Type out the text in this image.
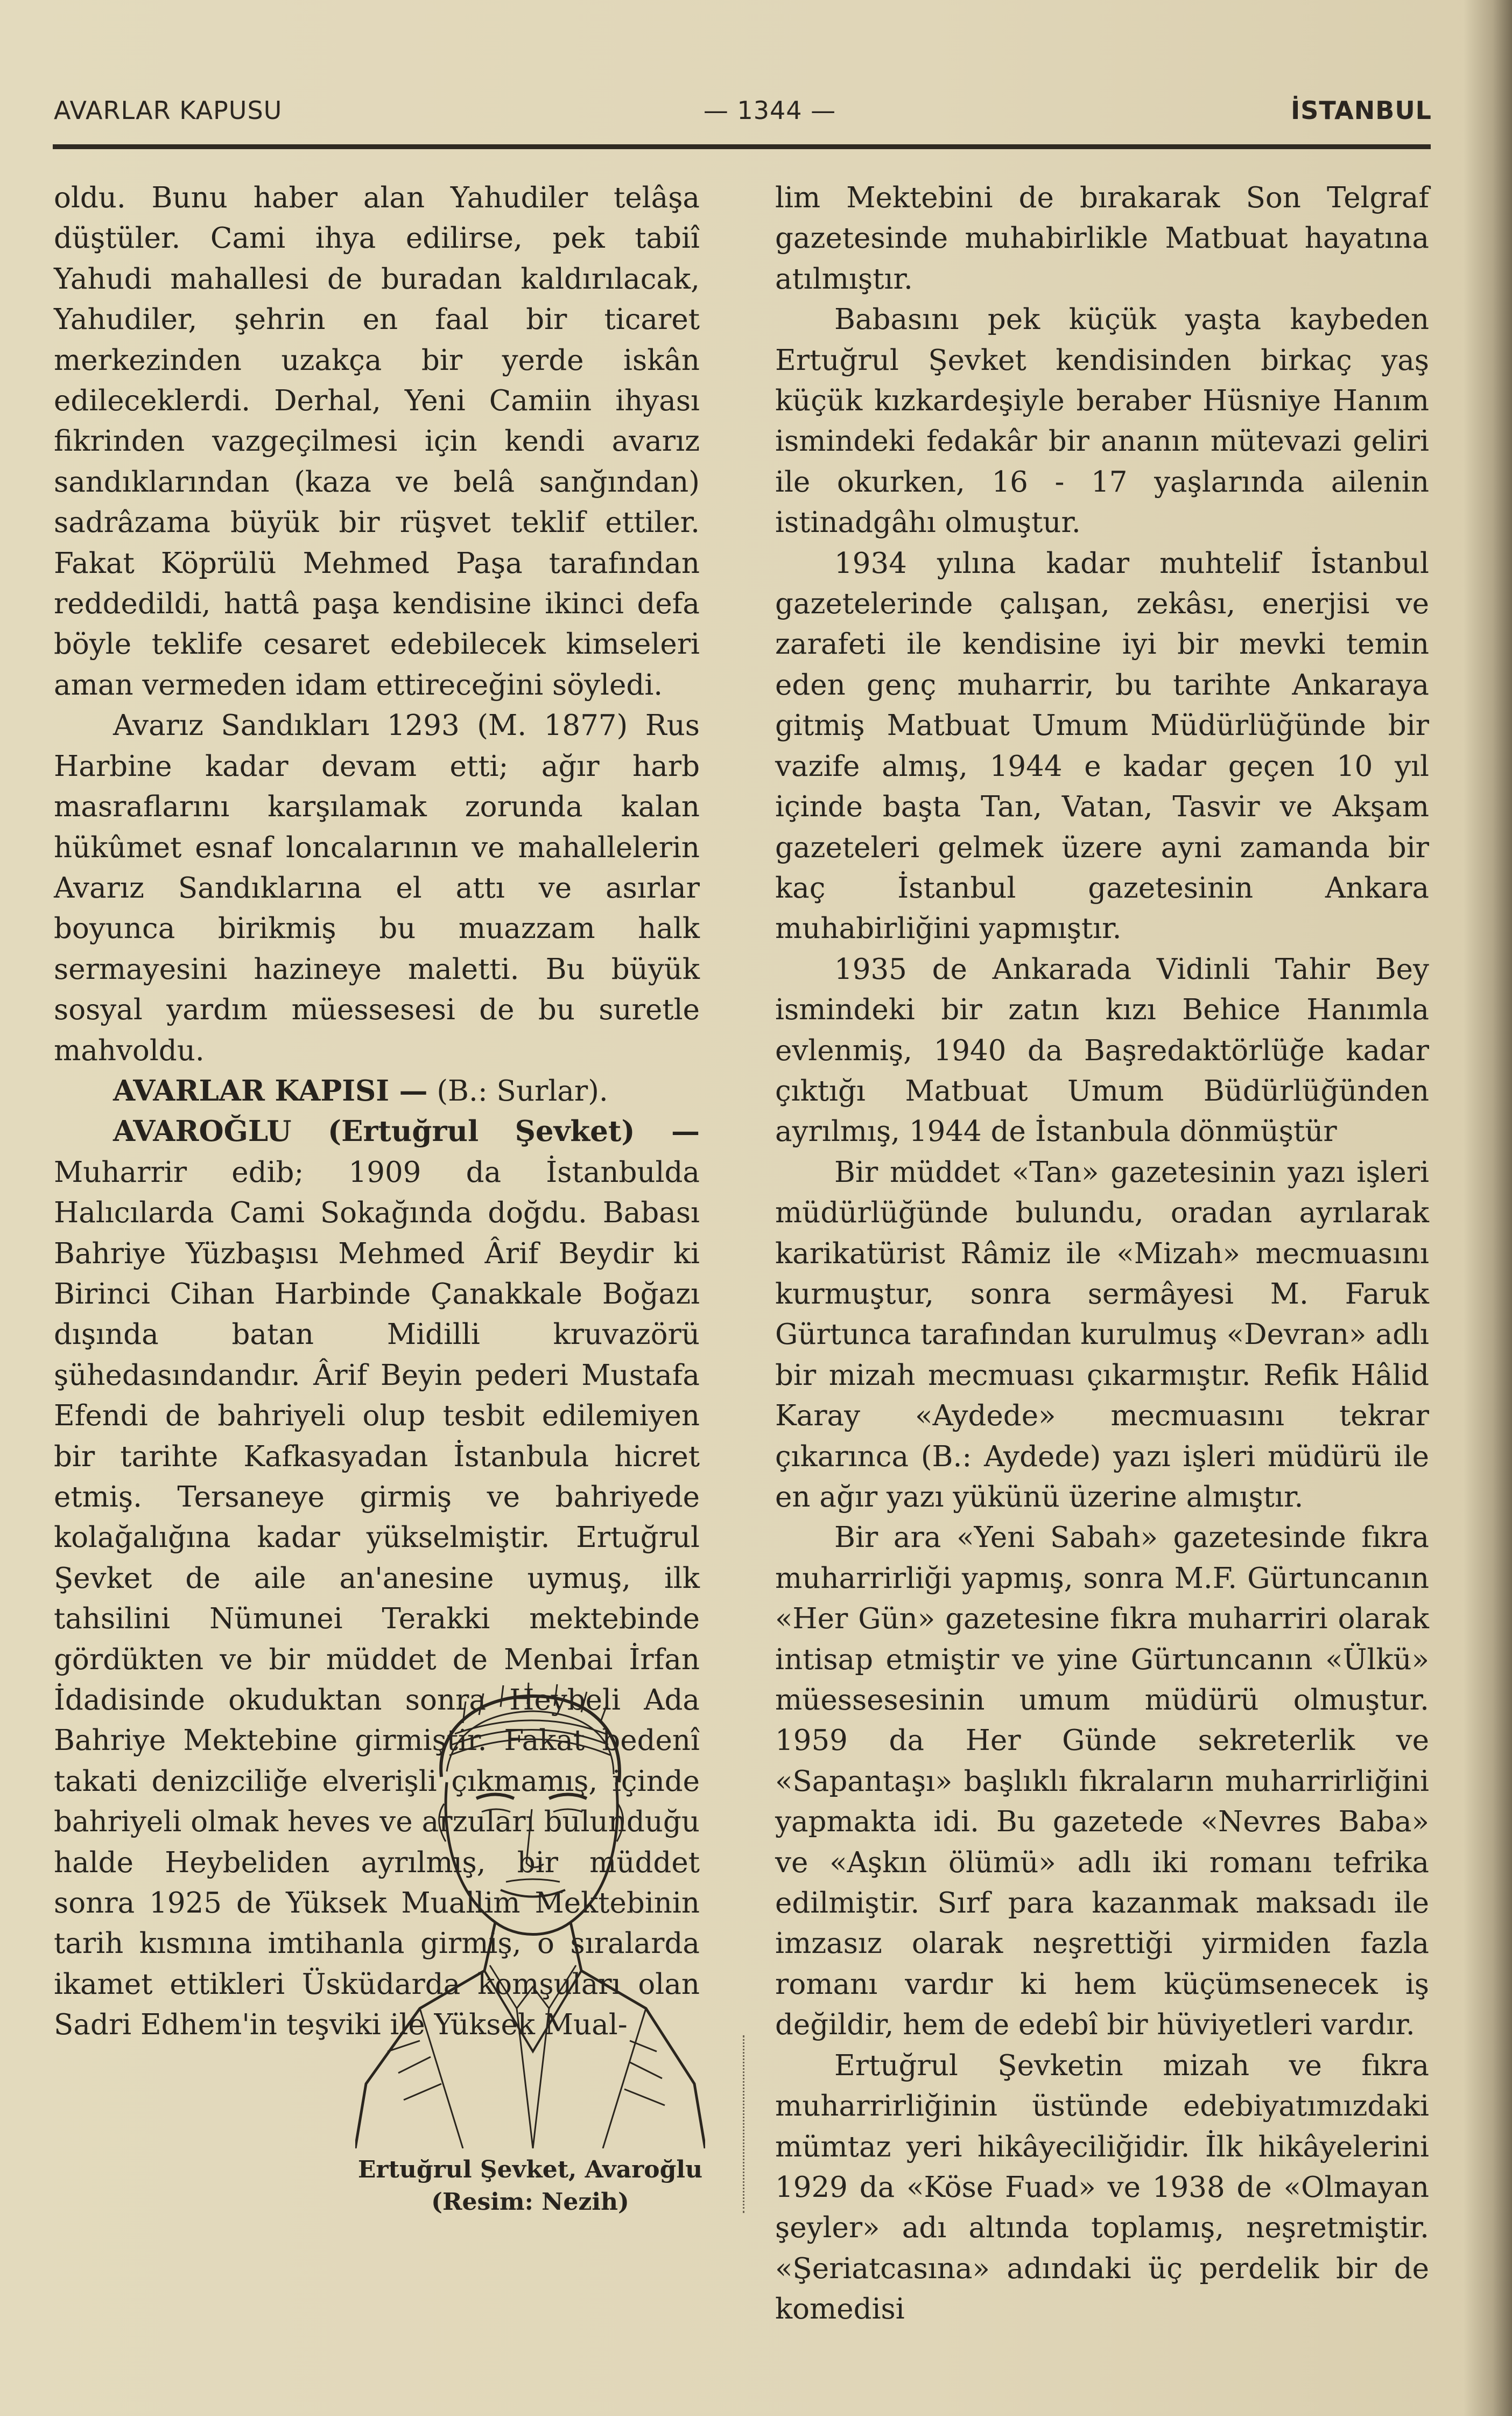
AVARLAR KAPUSU	— 1344 —	İSTANBUL

oldu. Bunu haber alan Yahudiler telâşa düştüler. Cami ihya edilirse, pek tabiî Yahudi mahallesi de buradan kaldırılacak, Yahudiler, şehrin en faal bir ticaret merkezinden uzakça bir yerde iskân edileceklerdi. Derhal, Yeni Camiin ihyası fikrinden vazgeçilmesi için kendi avarız sandıklarından (kaza ve belâ sanğından) sadrâzama büyük bir rüşvet teklif ettiler. Fakat Köprülü Mehmed Paşa tarafından reddedildi, hattâ paşa kendisine ikinci defa böyle teklife cesaret edebilecek kimseleri aman vermeden idam ettireceğini söyledi.

Avarız Sandıkları 1293 (M. 1877) Rus Harbine kadar devam etti; ağır harb masraflarını karşılamak zorunda kalan hükûmet esnaf loncalarının ve mahallelerin Avarız Sandıklarına el attı ve asırlar boyunca birikmiş bu muazzam halk sermayesini hazineye maletti. Bu büyük sosyal yardım müessesesi de bu suretle mahvoldu.

AVARLAR KAPISI — (B.: Surlar).

AVAROĞLU (Ertuğrul Şevket) — Muharrir edib; 1909 da İstanbulda Halıcılarda Cami Sokağında doğdu. Babası Bahriye Yüzbaşısı Mehmed Ârif Beydir ki Birinci Cihan Harbinde Çanakkale Boğazı dışında batan Midilli kruvazörü şühedasındandır. Ârif Beyin pederi Mustafa Efendi de bahriyeli olup tesbit edilemiyen bir tarihte Kafkasyadan İstanbula hicret etmiş. Tersaneye girmiş ve bahriyede kolağalığına kadar yükselmiştir. Ertuğrul Şevket de aile an'anesine uymuş, ilk tahsilini Nümunei Terakki mektebinde gördükten ve bir müddet de Menbai İrfan İdadisinde okuduktan sonra Heybeli Ada Bahriye Mektebine girmiştir. Fakat bedenî takati denizciliğe elverişli çıkmamış, içinde bahriyeli olmak heves ve arzuları bulunduğu halde Heybeliden ayrılmış, bir müddet sonra 1925 de Yüksek Muallim Mektebinin tarih kısmına imtihanla girmiş, o sıralarda ikamet ettikleri Üsküdarda komşuları olan Sadri Edhem'in teşviki ile Yüksek Mual-

Ertuğrul Şevket, Avaroğlu
(Resim: Nezih)

lim Mektebini de bırakarak Son Telgraf gazetesinde muhabirlikle Matbuat hayatına atılmıştır.

Babasını pek küçük yaşta kaybeden Ertuğrul Şevket kendisinden birkaç yaş küçük kızkardeşiyle beraber Hüsniye Hanım ismindeki fedakâr bir ananın mütevazi geliri ile okurken, 16 - 17 yaşlarında ailenin istinadgâhı olmuştur.

1934 yılına kadar muhtelif İstanbul gazetelerinde çalışan, zekâsı, enerjisi ve zarafeti ile kendisine iyi bir mevki temin eden genç muharrir, bu tarihte Ankaraya gitmiş Matbuat Umum Müdürlüğünde bir vazife almış, 1944 e kadar geçen 10 yıl içinde başta Tan, Vatan, Tasvir ve Akşam gazeteleri gelmek üzere ayni zamanda bir kaç İstanbul gazetesinin Ankara muhabirliğini yapmıştır.

1935 de Ankarada Vidinli Tahir Bey ismindeki bir zatın kızı Behice Hanımla evlenmiş, 1940 da Başredaktörlüğe kadar çıktığı Matbuat Umum Büdürlüğünden ayrılmış, 1944 de İstanbula dönmüştür

Bir müddet «Tan» gazetesinin yazı işleri müdürlüğünde bulundu, oradan ayrılarak karikatürist Râmiz ile «Mizah» mecmuasını kurmuştur, sonra sermâyesi M. Faruk Gürtunca tarafından kurulmuş «Devran» adlı bir mizah mecmuası çıkarmıştır. Refik Hâlid Karay «Aydede» mecmuasını tekrar çıkarınca (B.: Aydede) yazı işleri müdürü ile en ağır yazı yükünü üzerine almıştır.

Bir ara «Yeni Sabah» gazetesinde fıkra muharrirliği yapmış, sonra M.F. Gürtuncanın «Her Gün» gazetesine fıkra muharriri olarak intisap etmiştir ve yine Gürtuncanın «Ülkü» müessesesinin umum müdürü olmuştur. 1959 da Her Günde sekreterlik ve «Sapantaşı» başlıklı fıkraların muharrirliğini yapmakta idi. Bu gazetede «Nevres Baba» ve «Aşkın ölümü» adlı iki romanı tefrika edilmiştir. Sırf para kazanmak maksadı ile imzasız olarak neşrettiği yirmiden fazla romanı vardır ki hem küçümsenecek iş değildir, hem de edebî bir hüviyetleri vardır.

Ertuğrul Şevketin mizah ve fıkra muharrirliğinin üstünde edebiyatımızdaki mümtaz yeri hikâyeciliğidir. İlk hikâyelerini 1929 da «Köse Fuad» ve 1938 de «Olmayan şeyler» adı altında toplamış, neşretmiştir. «Şeriatcasına» adındaki üç perdelik bir de komedisi
